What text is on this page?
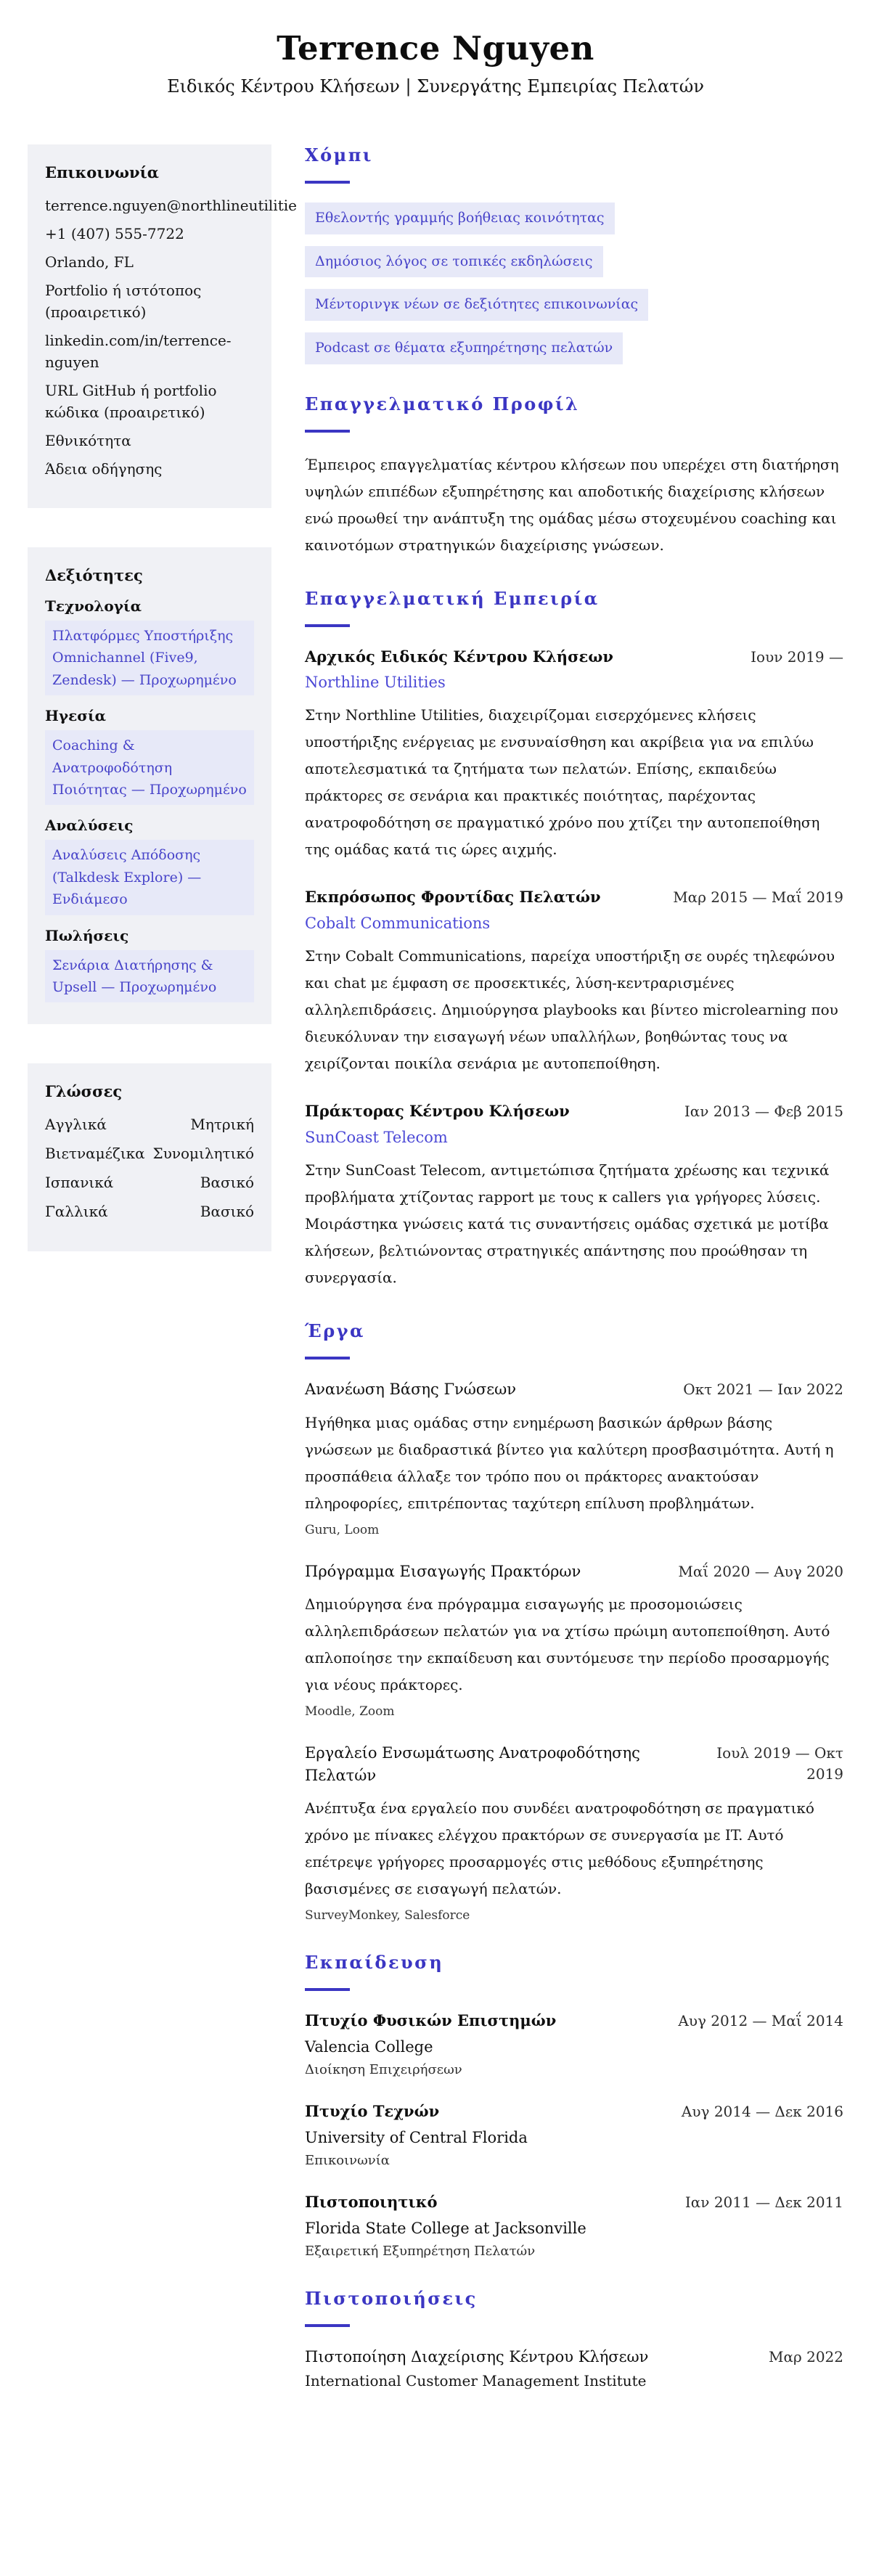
Terrence Nguyen
Ειδικός Κέντρου Κλήσεων | Συνεργάτης Εμπειρίας Πελατών
Επικοινωνία
terrence.nguyen@northlineutilitie
+1 (407) 555-7722
Orlando, FL
Portfolio ή ιστότοπος (προαιρετικό)
linkedin.com/in/terrence-nguyen
URL GitHub ή portfolio κώδικα (προαιρετικό)
Εθνικότητα
Άδεια οδήγησης
Δεξιότητες
Τεχνολογία
Πλατφόρμες Υποστήριξης Omnichannel (Five9, Zendesk) — Προχωρημένο
Ηγεσία
Coaching & Ανατροφοδότηση Ποιότητας — Προχωρημένο
Αναλύσεις
Αναλύσεις Απόδοσης (Talkdesk Explore) — Ενδιάμεσο
Πωλήσεις
Σενάρια Διατήρησης & Upsell — Προχωρημένο
Γλώσσες
Αγγλικά	Μητρική
Βιετναμέζικα Συνομιλητικό
Ισπανικά	Βασικό
Γαλλικά	Βασικό
Χόμπι
Εθελοντής γραμμής βοήθειας κοινότητας
Δημόσιος λόγος σε τοπικές εκδηλώσεις
Μέντορινγκ νέων σε δεξιότητες επικοινωνίας
Podcast σε θέματα εξυπηρέτησης πελατών
Επαγγελματικό Προφίλ

Έμπειρος επαγγελματίας κέντρου κλήσεων που υπερέχει στη διατήρηση υψηλών επιπέδων εξυπηρέτησης και αποδοτικής διαχείρισης κλήσεων ενώ προωθεί την ανάπτυξη της ομάδας μέσω στοχευμένου coaching και καινοτόμων στρατηγικών διαχείρισης γνώσεων.

Επαγγελματική Εμπειρία
Αρχικός Ειδικός Κέντρου Κλήσεων	Ιουν 2019 —
Northline Utilities

Στην Northline Utilities, διαχειρίζομαι εισερχόμενες κλήσεις υποστήριξης ενέργειας με ενσυναίσθηση και ακρίβεια για να επιλύω αποτελεσματικά τα ζητήματα των πελατών. Επίσης, εκπαιδεύω πράκτορες σε σενάρια και πρακτικές ποιότητας, παρέχοντας ανατροφοδότηση σε πραγματικό χρόνο που χτίζει την αυτοπεποίθηση της ομάδας κατά τις ώρες αιχμής.

Εκπρόσωπος Φροντίδας Πελατών	Μαρ 2015 — Μαΐ 2019
Cobalt Communications

Στην Cobalt Communications, παρείχα υποστήριξη σε ουρές τηλεφώνου και chat με έμφαση σε προσεκτικές, λύση-κεντραρισμένες αλληλεπιδράσεις. Δημιούργησα playbooks και βίντεο microlearning που διευκόλυναν την εισαγωγή νέων υπαλλήλων, βοηθώντας τους να χειρίζονται ποικίλα σενάρια με αυτοπεποίθηση.

Πράκτορας Κέντρου Κλήσεων	Ιαν 2013 — Φεβ 2015
SunCoast Telecom

Στην SunCoast Telecom, αντιμετώπισα ζητήματα χρέωσης και τεχνικά προβλήματα χτίζοντας rapport με τους κ callers για γρήγορες λύσεις. Μοιράστηκα γνώσεις κατά τις συναντήσεις ομάδας σχετικά με μοτίβα κλήσεων, βελτιώνοντας στρατηγικές απάντησης που προώθησαν τη συνεργασία.

Έργα
Ανανέωση Βάσης Γνώσεων	Οκτ 2021 — Ιαν 2022

Ηγήθηκα μιας ομάδας στην ενημέρωση βασικών άρθρων βάσης γνώσεων με διαδραστικά βίντεο για καλύτερη προσβασιμότητα. Αυτή η προσπάθεια άλλαξε τον τρόπο που οι πράκτορες ανακτούσαν πληροφορίες, επιτρέποντας ταχύτερη επίλυση προβλημάτων.

Guru, Loom
Πρόγραμμα Εισαγωγής Πρακτόρων	Μαΐ 2020 — Αυγ 2020

Δημιούργησα ένα πρόγραμμα εισαγωγής με προσομοιώσεις αλληλεπιδράσεων πελατών για να χτίσω πρώιμη αυτοπεποίθηση. Αυτό απλοποίησε την εκπαίδευση και συντόμευσε την περίοδο προσαρμογής για νέους πράκτορες.

Moodle, Zoom
Εργαλείο Ενσωμάτωσης Ανατροφοδότησης Πελατών
Ιουλ 2019 — Οκτ 2019

Ανέπτυξα ένα εργαλείο που συνδέει ανατροφοδότηση σε πραγματικό χρόνο με πίνακες ελέγχου πρακτόρων σε συνεργασία με IT. Αυτό επέτρεψε γρήγορες προσαρμογές στις μεθόδους εξυπηρέτησης βασισμένες σε εισαγωγή πελατών.

SurveyMonkey, Salesforce
Εκπαίδευση
Πτυχίο Φυσικών Επιστημών	Αυγ 2012 — Μαΐ 2014
Valencia College
Διοίκηση Επιχειρήσεων
Πτυχίο Τεχνών	Αυγ 2014 — Δεκ 2016
University of Central Florida
Επικοινωνία
Πιστοποιητικό	Ιαν 2011 — Δεκ 2011
Florida State College at Jacksonville
Εξαιρετική Εξυπηρέτηση Πελατών
Πιστοποιήσεις
Πιστοποίηση Διαχείρισης Κέντρου Κλήσεων	Μαρ 2022
International Customer Management Institute
